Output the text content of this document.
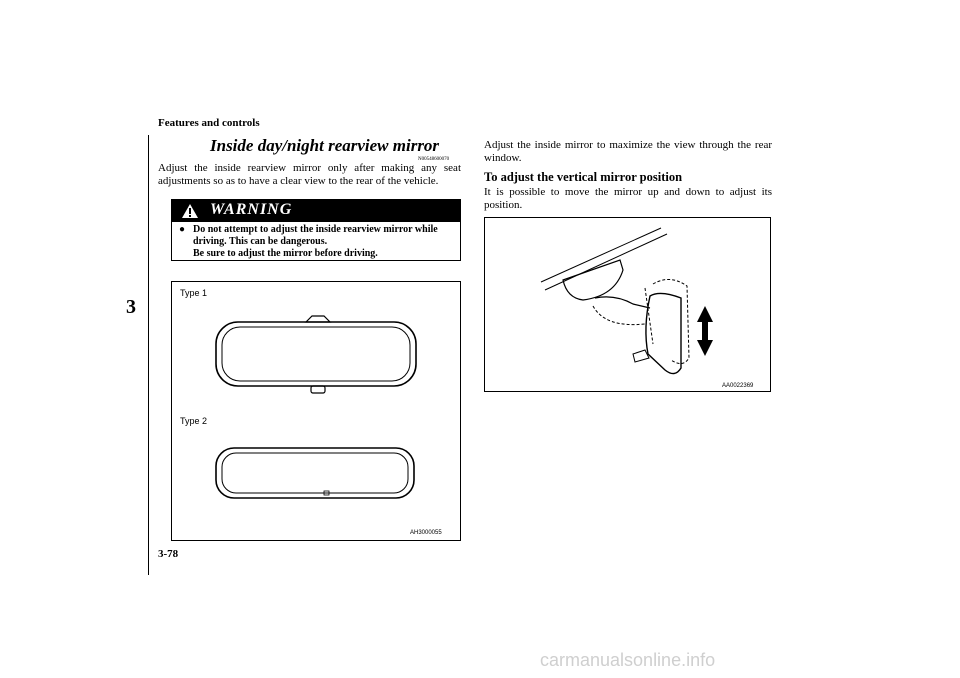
Features and controls
3
Inside day/night rearview mirror
N00548600070
Adjust the inside rearview mirror only after making any seat adjustments so as to have a clear view to the rear of the vehicle.
WARNING
● Do not attempt to adjust the inside rearview mirror while driving. This can be dangerous.
Be sure to adjust the mirror before driving.
Type 1
Type 2
AH3000055
Adjust the inside mirror to maximize the view through the rear window.
To adjust the vertical mirror position
It is possible to move the mirror up and down to adjust its position.
AA0022369
3-78
carmanualsonline.info
